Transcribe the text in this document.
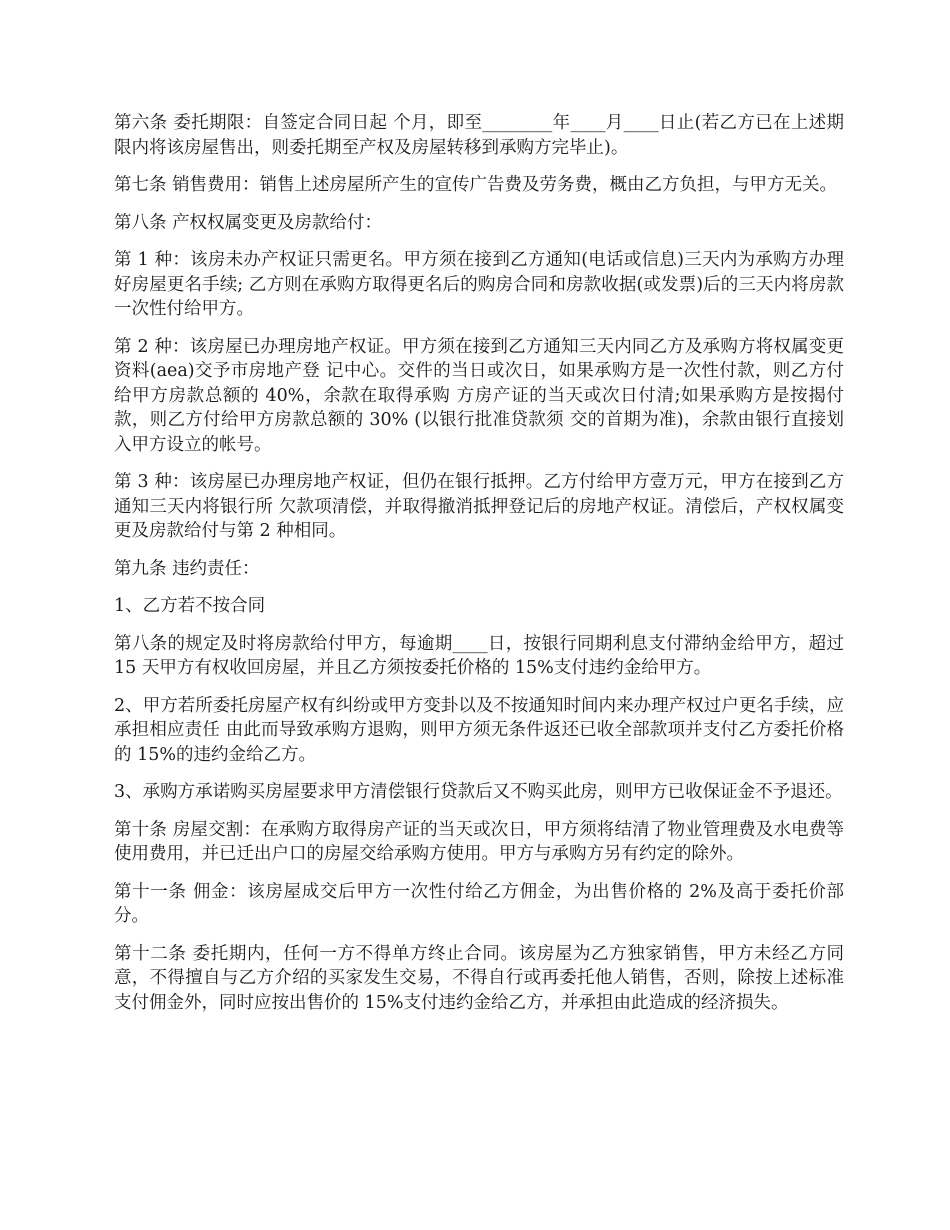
第六条 委托期限：自签定合同日起 个月，即至________年____月____日止(若乙方已在上述期限内将该房屋售出，则委托期至产权及房屋转移到承购方完毕止)。

第七条 销售费用：销售上述房屋所产生的宣传广告费及劳务费，概由乙方负担，与甲方无关。

第八条 产权权属变更及房款给付：

第 1 种：该房未办产权证只需更名。甲方须在接到乙方通知(电话或信息)三天内为承购方办理好房屋更名手续; 乙方则在承购方取得更名后的购房合同和房款收据(或发票)后的三天内将房款一次性付给甲方。

第 2 种：该房屋已办理房地产权证。甲方须在接到乙方通知三天内同乙方及承购方将权属变更资料(aea)交予市房地产登 记中心。交件的当日或次日，如果承购方是一次性付款，则乙方付给甲方房款总额的 40%，余款在取得承购 方房产证的当天或次日付清;如果承购方是按揭付款，则乙方付给甲方房款总额的 30% (以银行批准贷款须 交的首期为准)，余款由银行直接划入甲方设立的帐号。

第 3 种：该房屋已办理房地产权证，但仍在银行抵押。乙方付给甲方壹万元，甲方在接到乙方通知三天内将银行所 欠款项清偿，并取得撤消抵押登记后的房地产权证。清偿后，产权权属变更及房款给付与第 2 种相同。

第九条 违约责任：

1、乙方若不按合同

第八条的规定及时将房款给付甲方，每逾期____日，按银行同期利息支付滞纳金给甲方，超过 15 天甲方有权收回房屋，并且乙方须按委托价格的 15%支付违约金给甲方。

2、甲方若所委托房屋产权有纠纷或甲方变卦以及不按通知时间内来办理产权过户更名手续，应承担相应责任 由此而导致承购方退购，则甲方须无条件返还已收全部款项并支付乙方委托价格的 15%的违约金给乙方。

3、承购方承诺购买房屋要求甲方清偿银行贷款后又不购买此房，则甲方已收保证金不予退还。

第十条 房屋交割：在承购方取得房产证的当天或次日，甲方须将结清了物业管理费及水电费等使用费用，并已迁出户口的房屋交给承购方使用。甲方与承购方另有约定的除外。

第十一条 佣金：该房屋成交后甲方一次性付给乙方佣金，为出售价格的 2%及高于委托价部分。

第十二条 委托期内，任何一方不得单方终止合同。该房屋为乙方独家销售，甲方未经乙方同意，不得擅自与乙方介绍的买家发生交易，不得自行或再委托他人销售，否则，除按上述标准支付佣金外，同时应按出售价的 15%支付违约金给乙方，并承担由此造成的经济损失。
